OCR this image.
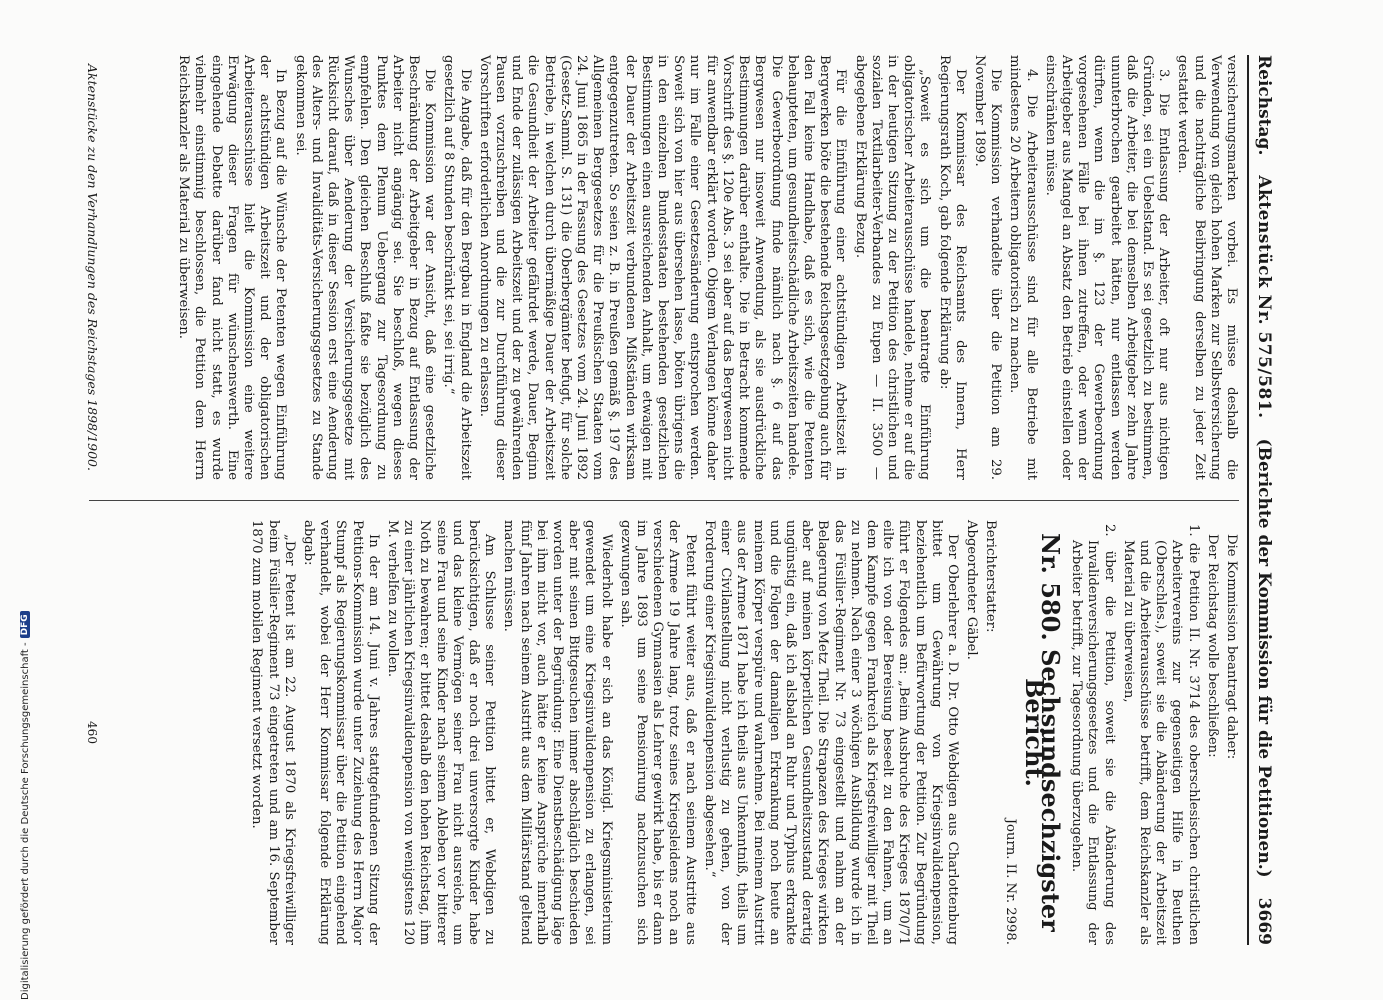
Reichstag.
Aktenstück Nr. 575/581.
(Berichte der Kommission für die Petitionen.)
3669

versicherungsmarken vorbei. Es müsse deshalb die Verwendung von gleich hohen Marken zur Selbstversicherung und die nachträgliche Beibringung derselben zu jeder Zeit gestattet werden.

3. Die Entlassung der Arbeiter, oft nur aus nichtigen Gründen, sei ein Uebelstand. Es sei gesetzlich zu bestimmen, daß die Arbeiter, die bei demselben Arbeitgeber zehn Jahre ununterbrochen gearbeitet hätten, nur entlassen werden dürften, wenn die im §. 123 der Gewerbeordnung vorgesehenen Fälle bei ihnen zutreffen, oder wenn der Arbeitgeber aus Mangel an Absatz den Betrieb einstellen oder einschränken müsse.

4. Die Arbeiterausschüsse sind für alle Betriebe mit mindestens 20 Arbeitern obligatorisch zu machen.

Die Kommission verhandelte über die Petition am 29. November 1899.

Der Kommissar des Reichsamts des Innern, Herr Regierungsrath Koch, gab folgende Erklärung ab:

„Soweit es sich um die beantragte Einführung obligatorischer Arbeiterausschüsse handele, nehme er auf die in der heutigen Sitzung zu der Petition des christlichen und sozialen Textilarbeiter-Verbandes zu Eupen — II. 3500 — abgegebene Erklärung Bezug.

Für die Einführung einer achtstündigen Arbeitszeit in Bergwerken böte die bestehende Reichsgesetzgebung auch für den Fall keine Handhabe, daß es sich, wie die Petenten behaupteten, um gesundheitsschädliche Arbeitszeiten handele. Die Gewerbeordnung finde nämlich nach §. 6 auf das Bergwesen nur insoweit Anwendung, als sie ausdrückliche Bestimmungen darüber enthalte. Die in Betracht kommende Vorschrift des §. 120e Abs. 3 sei aber auf das Bergwesen nicht für anwendbar erklärt worden. Obigem Verlangen könne daher nur im Falle einer Gesetzesänderung entsprochen werden. Soweit sich von hier aus übersehen lasse, böten übrigens die in den einzelnen Bundesstaaten bestehenden gesetzlichen Bestimmungen einen ausreichenden Anhalt, um etwaigen mit der Dauer der Arbeitszeit verbundenen Mißständen wirksam entgegenzutreten. So seien z. B. in Preußen gemäß §. 197 des Allgemeinen Berggesetzes für die Preußischen Staaten vom 24. Juni 1865 in der Fassung des Gesetzes vom 24. Juni 1892 (Gesetz-Samml. S. 131) die Oberbergämter befugt, für solche Betriebe, in welchen durch übermäßige Dauer der Arbeitszeit die Gesundheit der Arbeiter gefährdet werde, Dauer, Beginn und Ende der zulässigen Arbeitszeit und der zu gewährenden Pausen vorzuschreiben und die zur Durchführung dieser Vorschriften erforderlichen Anordnungen zu erlassen.

Die Angabe, daß für den Bergbau in England die Arbeitszeit gesetzlich auf 8 Stunden beschränkt sei, sei irrig.“

Die Kommission war der Ansicht, daß eine gesetzliche Beschränkung der Arbeitgeber in Bezug auf Entlassung der Arbeiter nicht angängig sei. Sie beschloß, wegen dieses Punktes dem Plenum Uebergang zur Tagesordnung zu empfehlen. Den gleichen Beschluß faßte sie bezüglich des Wunsches über Aenderung der Versicherungsgesetze mit Rücksicht darauf, daß in dieser Session erst eine Aenderung des Alters- und Invaliditäts-Versicherungsgesetzes zu Stande gekommen sei.

In Bezug auf die Wünsche der Petenten wegen Einführung der achtstündigen Arbeitszeit und der obligatorischen Arbeiterausschüsse hielt die Kommission eine weitere Erwägung dieser Fragen für wünschenswerth. Eine eingehende Debatte darüber fand nicht statt, es wurde vielmehr einstimmig beschlossen, die Petition dem Herrn Reichskanzler als Material zu überweisen.

Aktenstücke zu den Verhandlungen des Reichstages 1898/1900.

Die Kommission beantragt daher:

Der Reichstag wolle beschließen:

1. die Petition II. Nr. 3714 des oberschlesischen christlichen Arbeitervereins zur gegenseitigen Hilfe in Beuthen (Oberschles.), soweit sie die Abänderung der Arbeitszeit und die Arbeiterausschüsse betrifft, dem Reichskanzler als Material zu überweisen,

2. über die Petition, soweit sie die Abänderung des Invalidenversicherungsgesetzes und die Entlassung der Arbeiter betrifft, zur Tagesordnung überzugehen.

Nr. 580. Sechsundsechzigster Bericht.

Journ. II. Nr. 2998.

Berichterstatter:

Abgeordneter Gäbel.

Der Oberlehrer a. D. Dr. Otto Webdigen aus Charlottenburg bittet um Gewährung von Kriegsinvalidenpension, beziehentlich um Befürwortung der Petition. Zur Begründung führt er Folgendes an: „Beim Ausbruche des Krieges 1870/71 eilte ich von oder Bereisung beseelt zu den Fahnen, um an dem Kampfe gegen Frankreich als Kriegsfreiwilliger mit Theil zu nehmen. Nach einer 3 wöchigen Ausbildung wurde ich in das Füsilier-Regiment Nr. 73 eingestellt und nahm an der Belagerung von Metz Theil. Die Strapazen des Krieges wirkten aber auf meinen körperlichen Gesundheitszustand derartig ungünstig ein, daß ich alsbald an Ruhr und Typhus erkrankte und die Folgen der damaligen Erkrankung noch heute an meinem Körper verspüre und wahrnehme. Bei meinem Austritt aus der Armee 1871 habe ich theils aus Unkenntniß, theils um einer Civilanstellung nicht verlustig zu gehen, von der Forderung einer Kriegsinvalidenpension abgesehen.“

Petent führt weiter aus, daß er nach seinem Austritte aus der Armee 19 Jahre lang, trotz seines Kriegsleidens noch an verschiedenen Gymnasien als Lehrer gewirkt habe, bis er dann im Jahre 1893 um seine Pensionirung nachzusuchen sich gezwungen sah.

Wiederholt habe er sich an das Königl. Kriegsministerium gewendet um eine Kriegsinvalidenpension zu erlangen, sei aber mit seinen Bittgesuchen immer abschläglich beschieden worden unter der Begründung: Eine Dienstbeschädigung läge bei ihm nicht vor, auch hätte er keine Ansprüche innerhalb fünf Jahren nach seinem Austritt aus dem Militärstand geltend machen müssen.

Am Schlusse seiner Petition bittet er, Webdigen zu berücksichtigen, daß er noch drei unversorgte Kinder habe und das kleine Vermögen seiner Frau nicht ausreiche, um seine Frau und seine Kinder nach seinem Ableben vor bitterer Noth zu bewahren; er bittet deshalb den hohen Reichstag, ihm zu einer jährlichen Kriegsinvalidenpension von wenigstens 120 M. verhelfen zu wollen.

In der am 14. Juni v. Jahres stattgefundenen Sitzung der Petitions-Kommission wurde unter Zuziehung des Herrn Major Stumpf als Regierungskommissar über die Petition eingehend verhandelt, wobei der Herr Kommissar folgende Erklärung abgab:

„Der Petent ist am 22. August 1870 als Kriegsfreiwilliger beim Füsilier-Regiment 73 eingetreten und am 16. September 1870 zum mobilen Regiment versetzt worden.

460
Digitalisierung gefördert durch die Deutsche Forschungsgemeinschaft -
DFG
